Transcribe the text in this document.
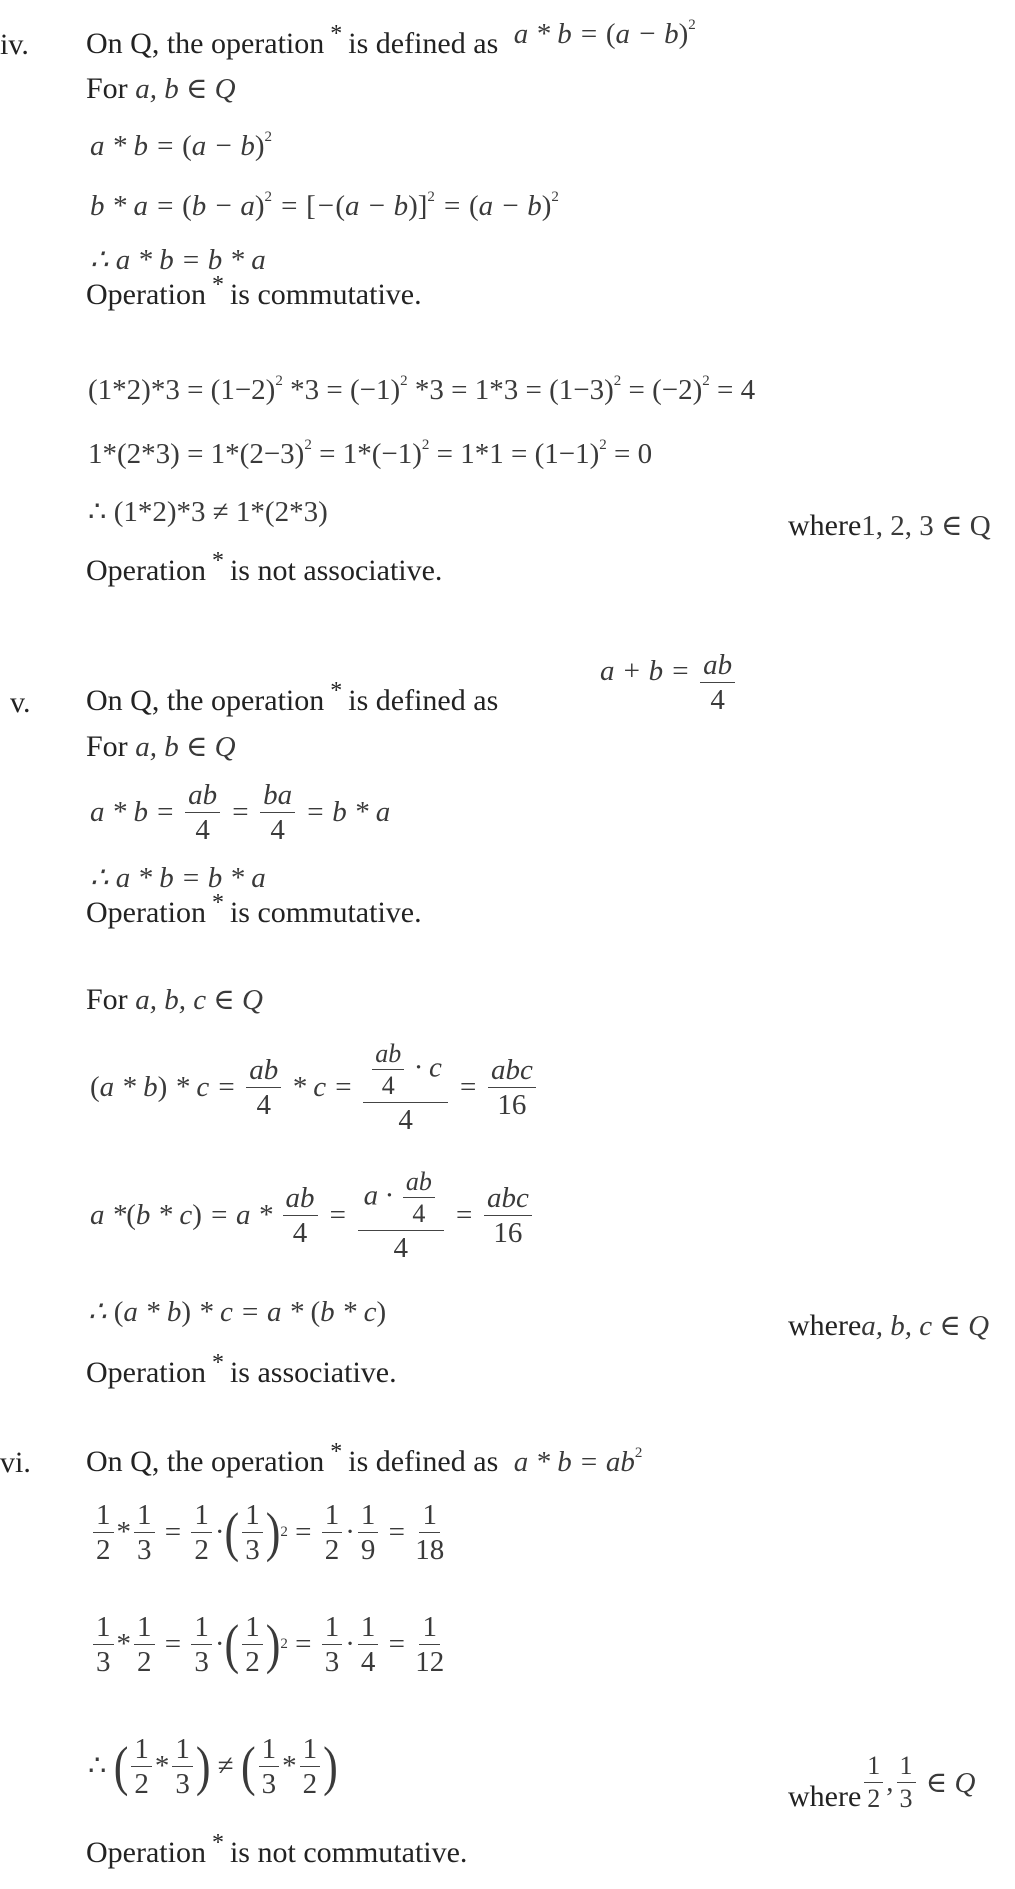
iv. On Q, the operation * is defined as $a * b = (a - b)^2$
For a, b ∈ Q
$a * b = (a - b)^2$
$b * a = (b - a)^2 = [-(a - b)]^2 = (a - b)^2$
∴ a * b = b * a
Operation * is commutative.
$(1*2)*3 = (1-2)^2$ $*3 = (-1)^2$ $*3 = 1*3 = (1-3)^2 = (-2)^2 = 4$
$1*(2*3) = 1*(2-3)^2 = 1*(-1)^2 = 1*1 = (1-1)^2 = 0$
∴ (1*2)*3 ≠ 1*(2*3)	where1, 2, 3 ∈ Q
Operation * is not associative.
v. On Q, the operation * is defined as
$a + b = \frac{ab}{4}$
For a, b ∈ Q
a * b =
ab
4
=
ba
4
= b * a
∴ a * b = b * a
Operation * is commutative.
For a, b, c ∈ Q
( a * b ) * c =
ab
4
* $c = \frac{ab}{4} \cdot c$
4
=
abc
16
a * ( b * c ) = a *
ab
4
=
$a \cdot \frac{ab}{4}$
4
=
abc
16
∴ (a * b) * c = a * (b * c)	wherea, b, c ∈ Q
Operation * is associative.
vi. On Q, the operation * is defined as $a * b = ab^2$
1
2
*
1
3
=
1
2
· ( 1
3 ) 2 =
1
2
·
1
9
=
1
18
1
3
*
1
2
=
1
3
· ( 1
2 ) 2 =
1
3
·
1
4
=
1
12
∴ ( 1
2
*
1
3 ) ≠ ( 1
3
*
1
2 )	where
1
2
, 1
3 ∈ Q
Operation * is not commutative.
